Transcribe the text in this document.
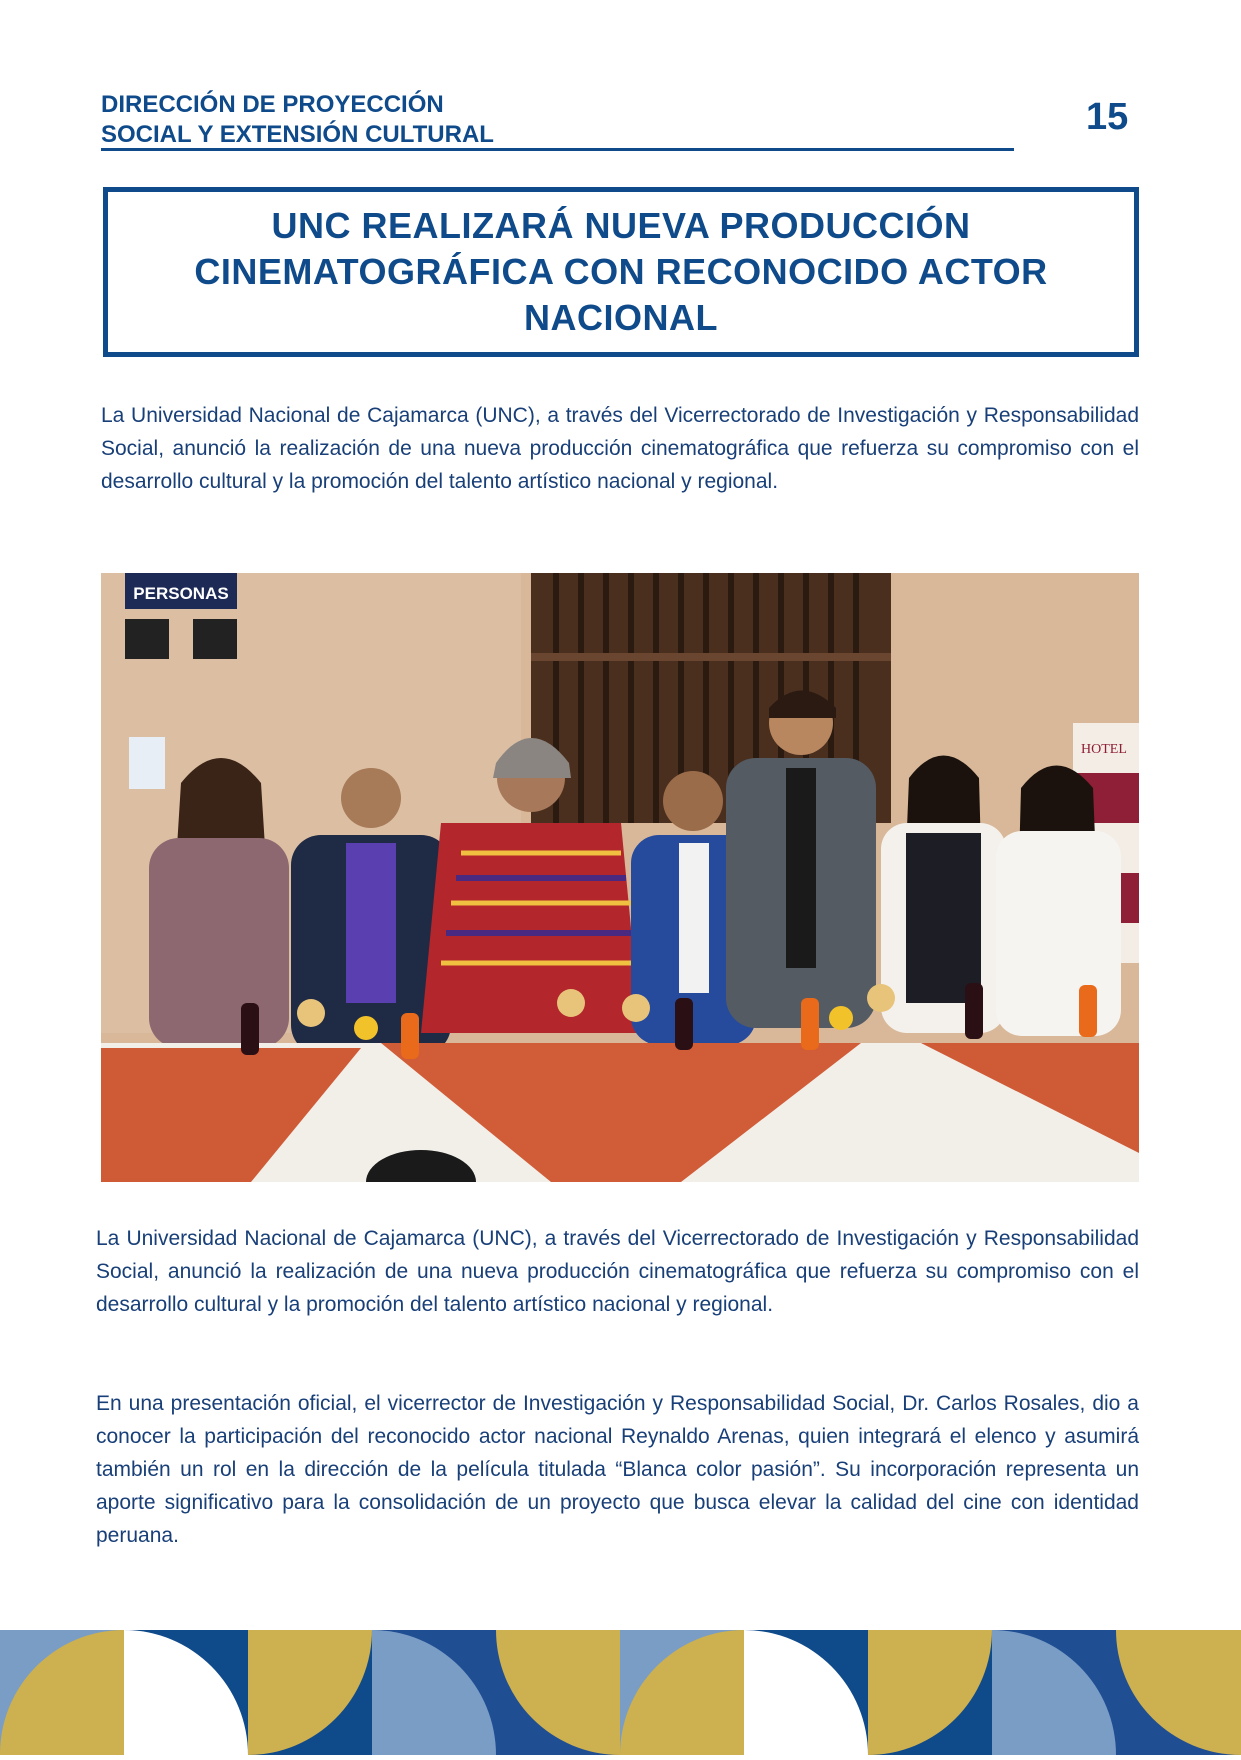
DIRECCIÓN DE PROYECCIÓN
SOCIAL Y EXTENSIÓN CULTURAL	15
UNC REALIZARÁ NUEVA PRODUCCIÓN CINEMATOGRÁFICA CON RECONOCIDO ACTOR NACIONAL
La Universidad Nacional de Cajamarca (UNC), a través del Vicerrectorado de Investigación y Responsabilidad Social, anunció la realización de una nueva producción cinematográfica que refuerza su compromiso con el desarrollo cultural y la promoción del talento artístico nacional y regional.
PERSONAS
HOTEL
La Universidad Nacional de Cajamarca (UNC), a través del Vicerrectorado de Investigación y Responsabilidad Social, anunció la realización de una nueva producción cinematográfica que refuerza su compromiso con el desarrollo cultural y la promoción del talento artístico nacional y regional.
En una presentación oficial, el vicerrector de Investigación y Responsabilidad Social, Dr. Carlos Rosales, dio a conocer la participación del reconocido actor nacional Reynaldo Arenas, quien integrará el elenco y asumirá también un rol en la dirección de la película titulada “Blanca color pasión”. Su incorporación representa un aporte significativo para la consolidación de un proyecto que busca elevar la calidad del cine con identidad peruana.
